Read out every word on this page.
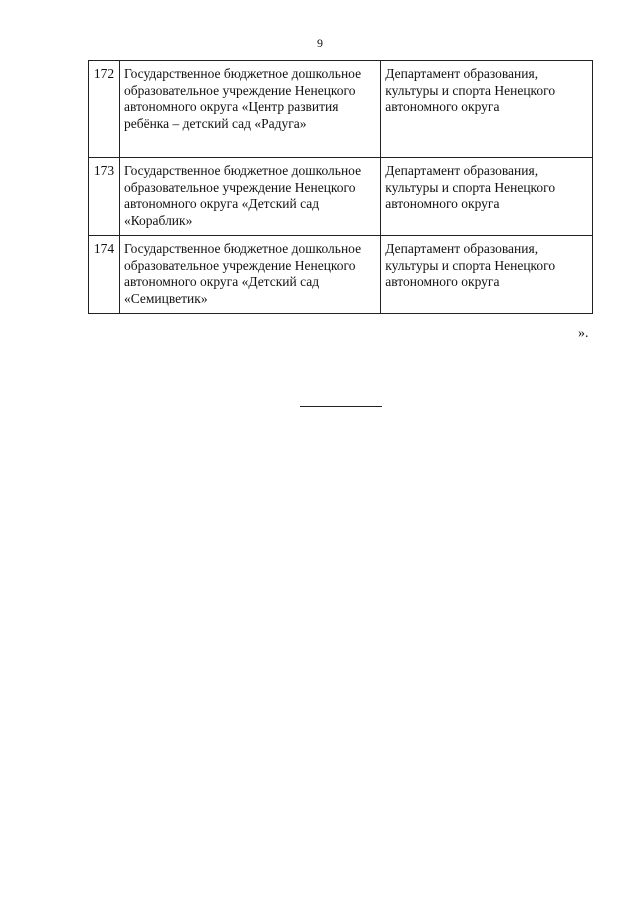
9
172	Государственное бюджетное дошкольное образовательное учреждение Ненецкого автономного округа «Центр развития ребёнка – детский сад «Радуга»	Департамент образования, культуры и спорта Ненецкого автономного округа
173	Государственное бюджетное дошкольное образовательное учреждение Ненецкого автономного округа «Детский сад «Кораблик»	Департамент образования, культуры и спорта Ненецкого автономного округа
174	Государственное бюджетное дошкольное образовательное учреждение Ненецкого автономного округа «Детский сад «Семицветик»	Департамент образования, культуры и спорта Ненецкого автономного округа
».
